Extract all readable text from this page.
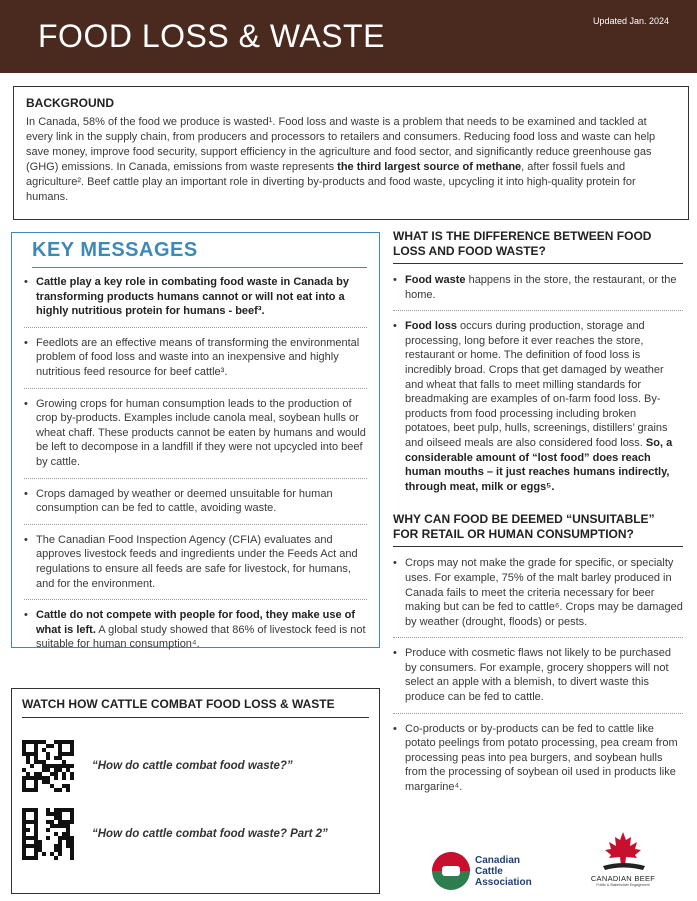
FOOD LOSS & WASTE	Updated Jan. 2024
BACKGROUND

In Canada, 58% of the food we produce is wasted¹. Food loss and waste is a problem that needs to be examined and tackled at every link in the supply chain, from producers and processors to retailers and consumers. Reducing food loss and waste can help save money, improve food security, support efficiency in the agriculture and food sector, and significantly reduce greenhouse gas (GHG) emissions. In Canada, emissions from waste represents the third largest source of methane, after fossil fuels and agriculture². Beef cattle play an important role in diverting by-products and food waste, upcycling it into high-quality protein for humans.

KEY MESSAGES
• Cattle play a key role in combating food waste in Canada by transforming products humans cannot or will not eat into a highly nutritious protein for humans - beef³.
• Feedlots are an effective means of transforming the environmental problem of food loss and waste into an inexpensive and highly nutritious feed resource for beef cattle³.
• Growing crops for human consumption leads to the production of crop by-products. Examples include canola meal, soybean hulls or wheat chaff. These products cannot be eaten by humans and would be left to decompose in a landfill if they were not upcycled into beef by cattle.
• Crops damaged by weather or deemed unsuitable for human consumption can be fed to cattle, avoiding waste.
• The Canadian Food Inspection Agency (CFIA) evaluates and approves livestock feeds and ingredients under the Feeds Act and regulations to ensure all feeds are safe for livestock, for humans, and for the environment.
• Cattle do not compete with people for food, they make use of what is left. A global study showed that 86% of livestock feed is not suitable for human consumption⁴.
WATCH HOW CATTLE COMBAT FOOD LOSS & WASTE
“How do cattle combat food waste?”
“How do cattle combat food waste? Part 2”
WHAT IS THE DIFFERENCE BETWEEN FOOD LOSS AND FOOD WASTE?
• Food waste happens in the store, the restaurant, or the home.
• Food loss occurs during production, storage and processing, long before it ever reaches the store, restaurant or home. The definition of food loss is incredibly broad. Crops that get damaged by weather and wheat that falls to meet milling standards for breadmaking are examples of on-farm food loss. By-products from food processing including broken potatoes, beet pulp, hulls, screenings, distillers’ grains and oilseed meals are also considered food loss. So, a considerable amount of “lost food” does reach human mouths – it just reaches humans indirectly, through meat, milk or eggs⁵.
WHY CAN FOOD BE DEEMED “UNSUITABLE” FOR RETAIL OR HUMAN CONSUMPTION?
• Crops may not make the grade for specific, or specialty uses. For example, 75% of the malt barley produced in Canada fails to meet the criteria necessary for beer making but can be fed to cattle⁶. Crops may be damaged by weather (drought, floods) or pests.
• Produce with cosmetic flaws not likely to be purchased by consumers. For example, grocery shoppers will not select an apple with a blemish, to divert waste this produce can be fed to cattle.
• Co-products or by-products can be fed to cattle like potato peelings from potato processing, pea cream from processing peas into pea burgers, and soybean hulls from the processing of soybean oil used in products like margarine⁴.
Canadian
Cattle
Association	CANADIAN BEEF
Public & Stakeholder Engagement
